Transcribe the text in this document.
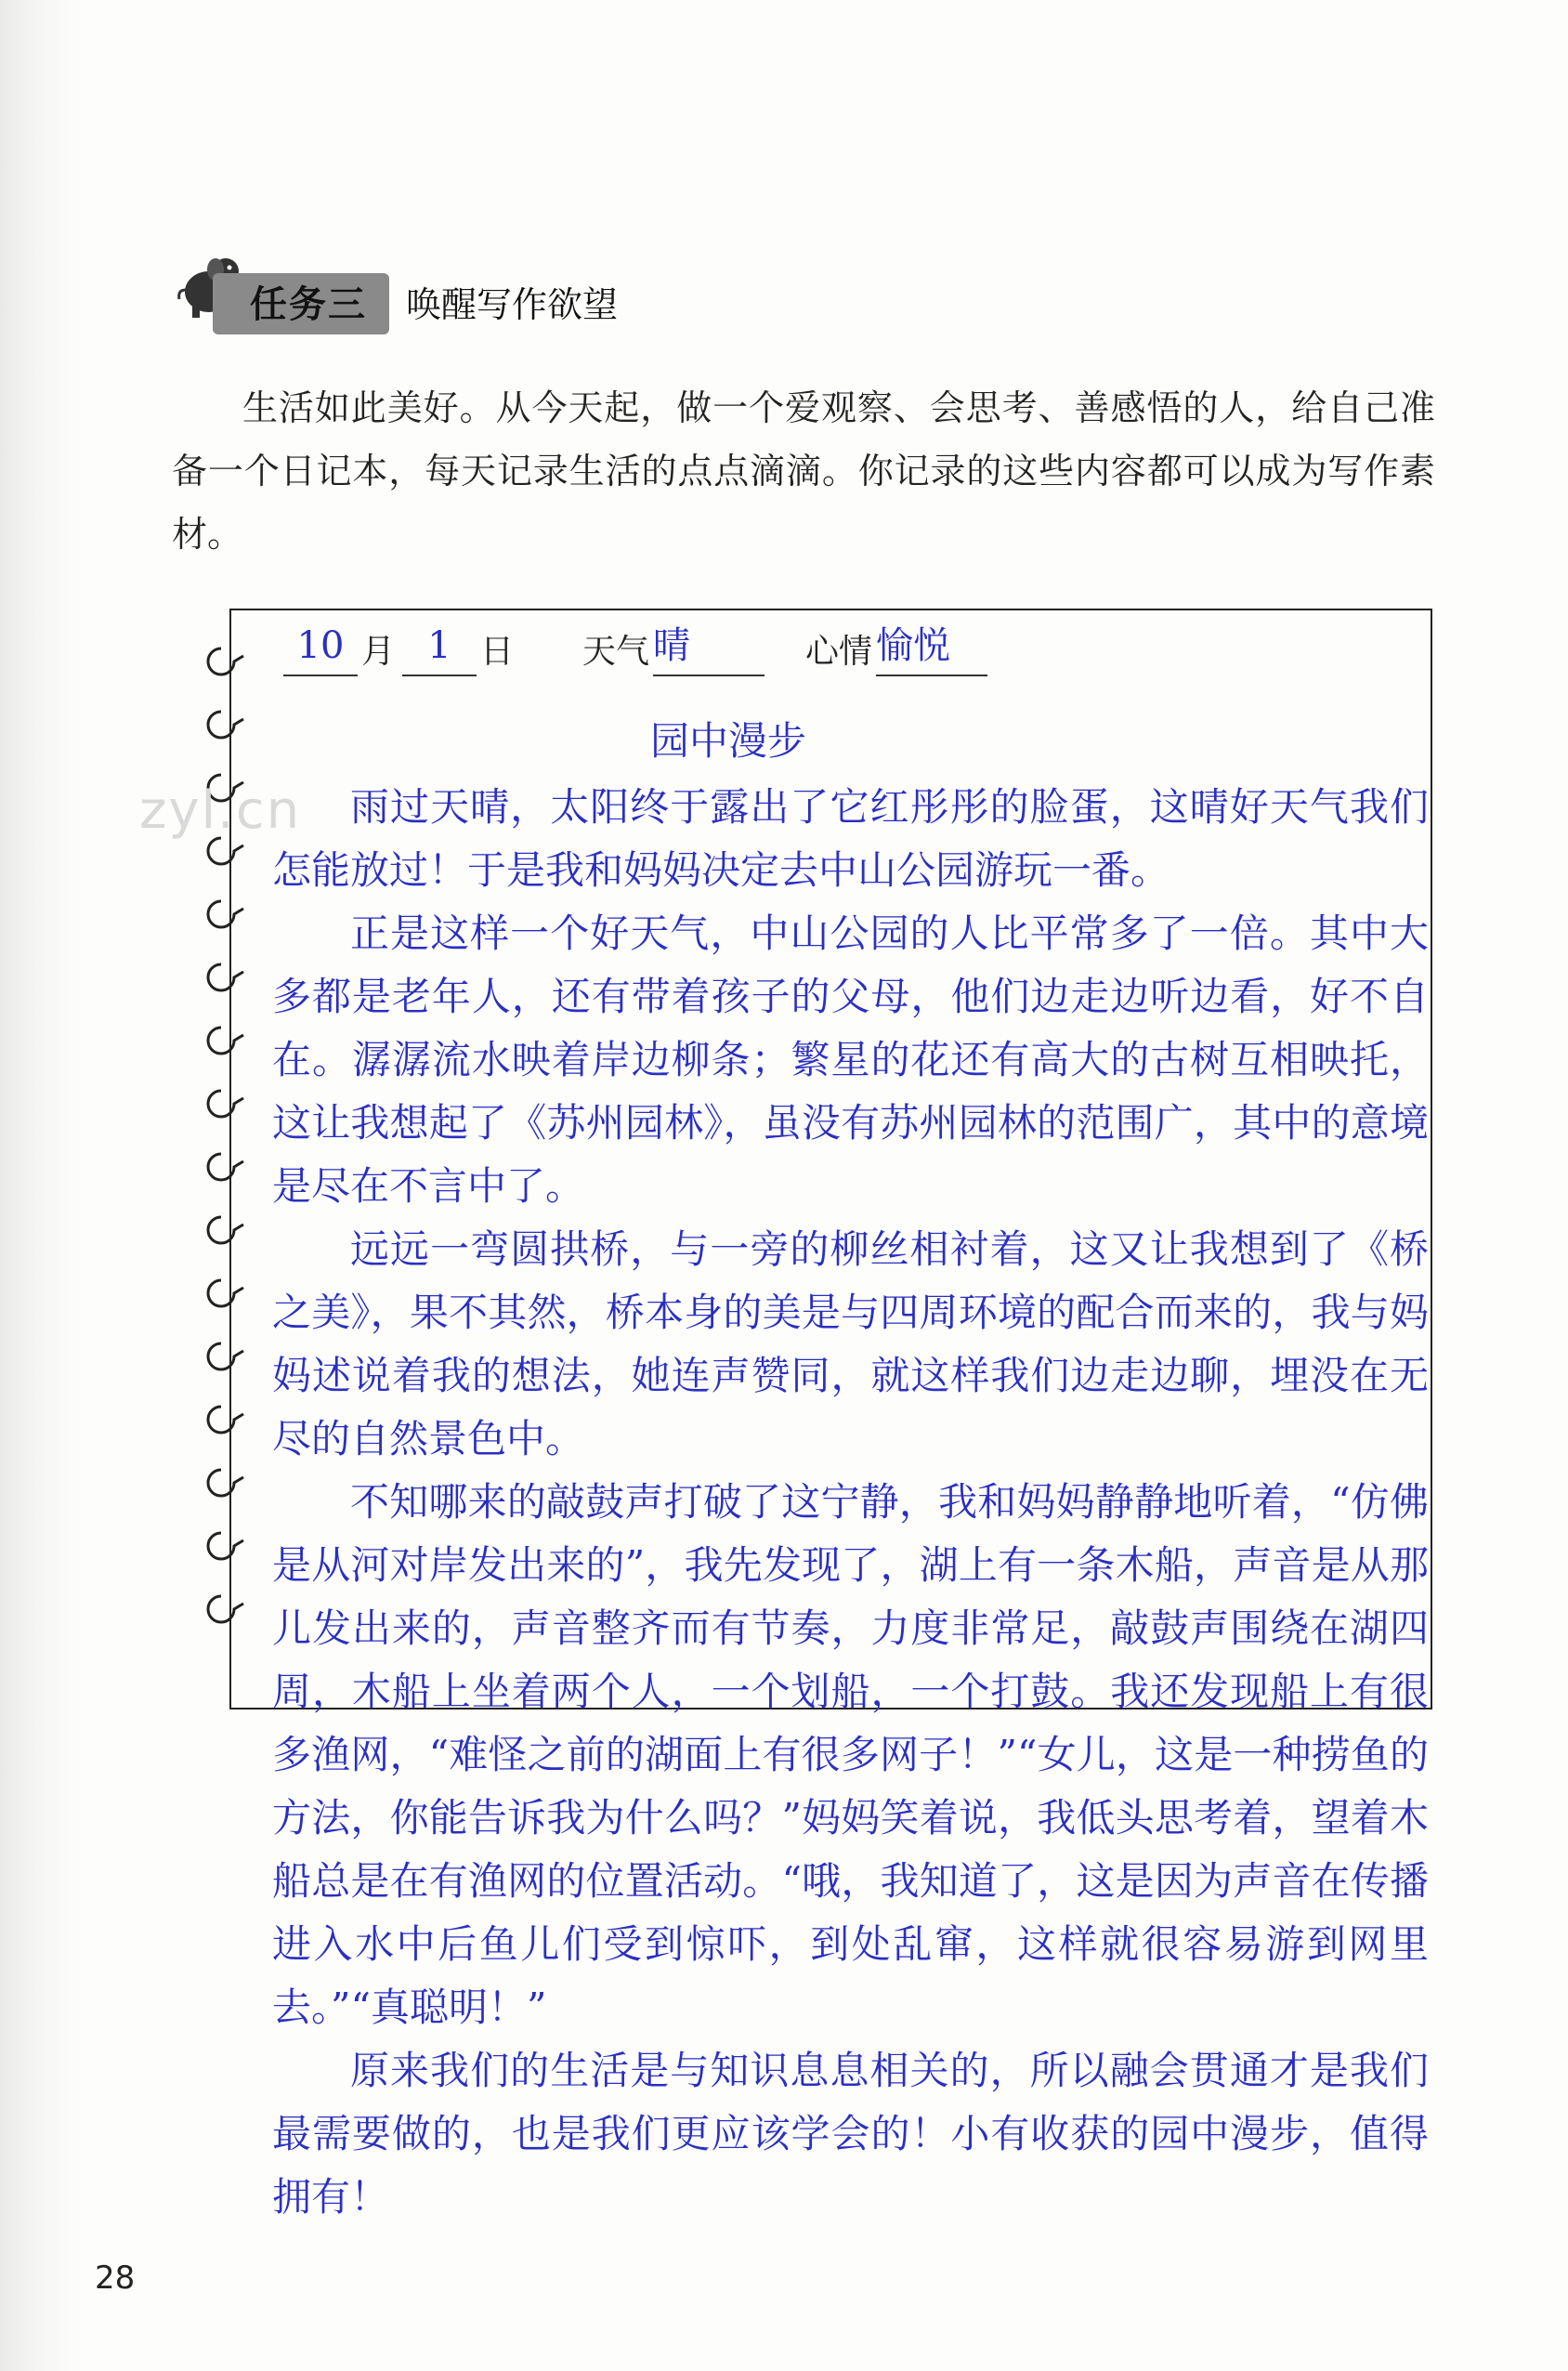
任务三	唤醒写作欲望

生活如此美好。从今天起，做一个爱观察、会思考、善感悟的人，给自己准备一个日记本，每天记录生活的点点滴滴。你记录的这些内容都可以成为写作素材。

10 月 1 日 天气 晴	心情 愉悦
zyl.cn
园中漫步

雨过天晴，太阳终于露出了它红彤彤的脸蛋，这晴好天气我们怎能放过！于是我和妈妈决定去中山公园游玩一番。

正是这样一个好天气，中山公园的人比平常多了一倍。其中大多都是老年人，还有带着孩子的父母，他们边走边听边看，好不自在。潺潺流水映着岸边柳条；繁星的花还有高大的古树互相映托，这让我想起了《苏州园林》，虽没有苏州园林的范围广，其中的意境是尽在不言中了。

远远一弯圆拱桥，与一旁的柳丝相衬着，这又让我想到了《桥之美》，果不其然，桥本身的美是与四周环境的配合而来的，我与妈妈述说着我的想法，她连声赞同，就这样我们边走边聊，埋没在无尽的自然景色中。

不知哪来的敲鼓声打破了这宁静，我和妈妈静静地听着，“仿佛是从河对岸发出来的”，我先发现了，湖上有一条木船，声音是从那儿发出来的，声音整齐而有节奏，力度非常足，敲鼓声围绕在湖四周，木船上坐着两个人，一个划船，一个打鼓。我还发现船上有很多渔网，“难怪之前的湖面上有很多网子！”“女儿，这是一种捞鱼的方法，你能告诉我为什么吗？”妈妈笑着说，我低头思考着，望着木船总是在有渔网的位置活动。“哦，我知道了，这是因为声音在传播进入水中后鱼儿们受到惊吓，到处乱窜，这样就很容易游到网里去。”“真聪明！”

原来我们的生活是与知识息息相关的，所以融会贯通才是我们最需要做的，也是我们更应该学会的！小有收获的园中漫步，值得拥有！

28
